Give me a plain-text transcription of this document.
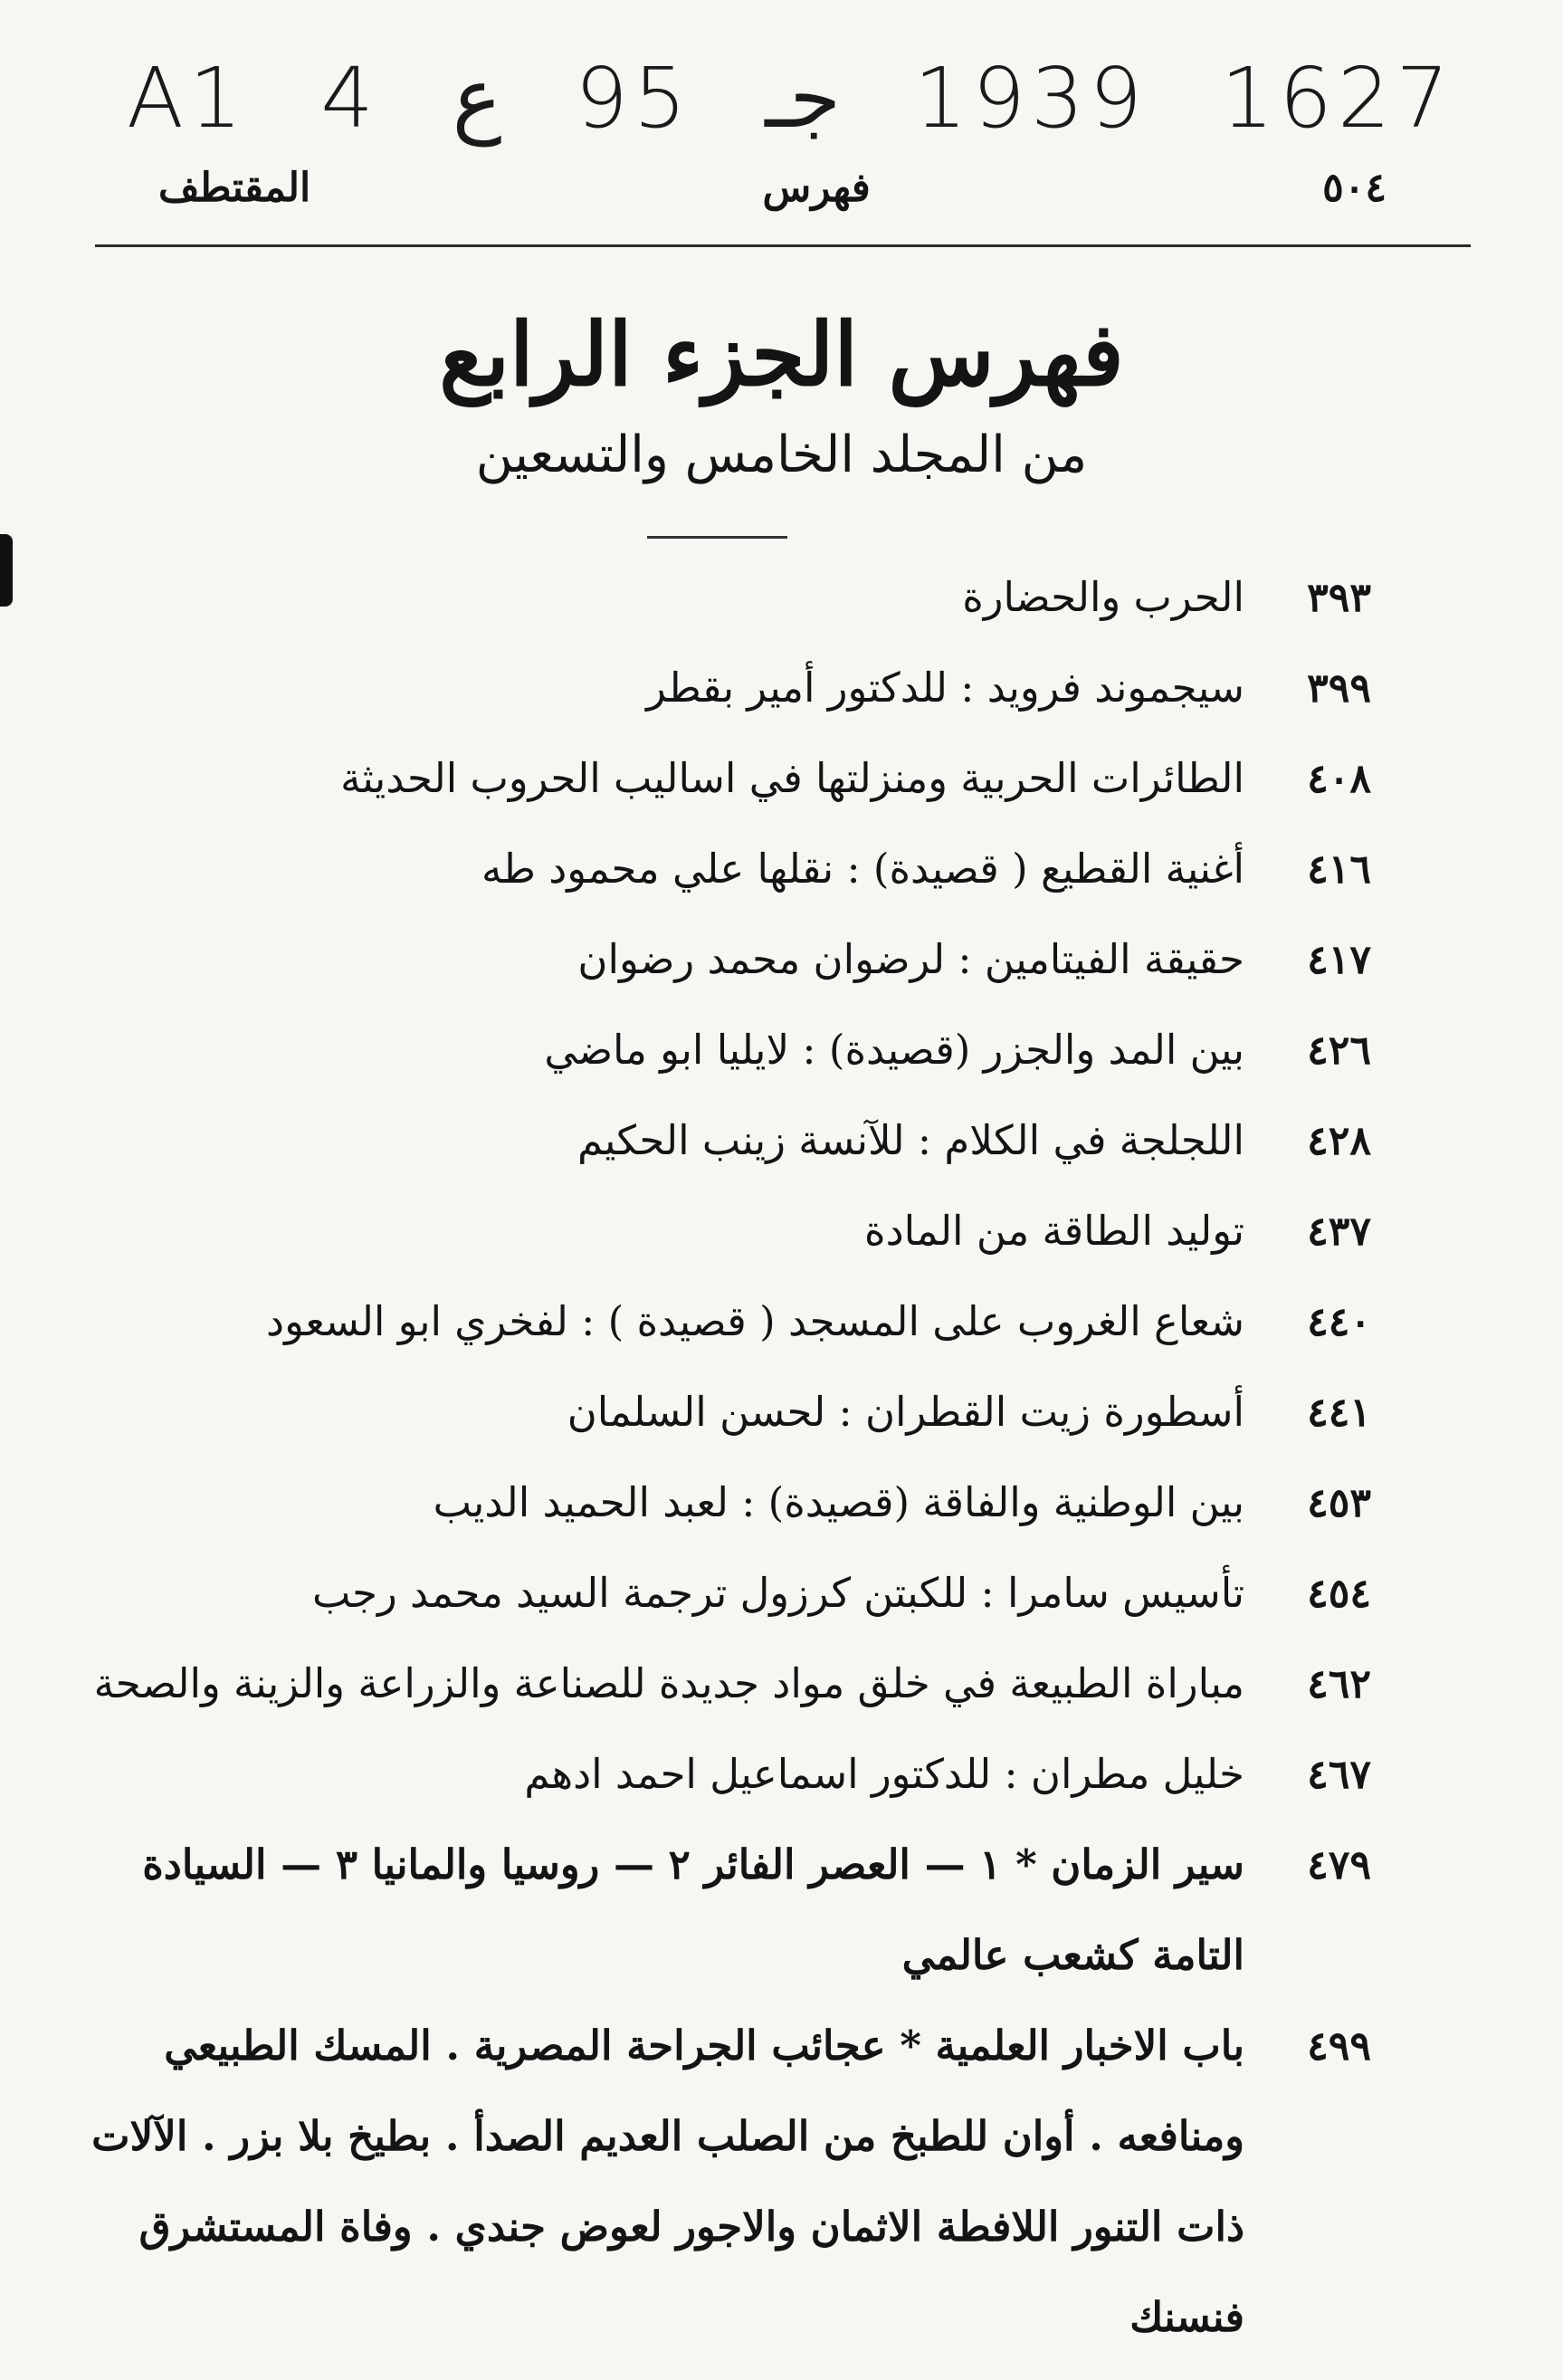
A1 4 ع 95 جـ 1939 1627
المقتطف	فهرس	٥٠٤
فهرس الجزء الرابع
من المجلد الخامس والتسعين
٣٩٣
الحرب والحضارة
٣٩٩
سيجموند فرويد : للدكتور أمير بقطر
٤٠٨
الطائرات الحربية ومنزلتها في اساليب الحروب الحديثة
٤١٦
أغنية القطيع ( قصيدة) : نقلها علي محمود طه
٤١٧
حقيقة الفيتامين : لرضوان محمد رضوان
٤٢٦
بين المد والجزر (قصيدة) : لايليا ابو ماضي
٤٢٨
اللجلجة في الكلام : للآنسة زينب الحكيم
٤٣٧
توليد الطاقة من المادة
٤٤٠
شعاع الغروب على المسجد ( قصيدة ) : لفخري ابو السعود
٤٤١
أسطورة زيت القطران : لحسن السلمان
٤٥٣
بين الوطنية والفاقة (قصيدة) : لعبد الحميد الديب
٤٥٤
تأسيس سامرا : للكبتن كرزول ترجمة السيد محمد رجب
٤٦٢
مباراة الطبيعة في خلق مواد جديدة للصناعة والزراعة والزينة والصحة
٤٦٧
خليل مطران : للدكتور اسماعيل احمد ادهم
٤٧٩
سير الزمان * ١ — العصر الفائر ٢ — روسيا والمانيا ٣ — السيادة التامة كشعب عالمي
٤٩٩
باب الاخبار العلمية * عجائب الجراحة المصرية . المسك الطبيعي ومنافعه . أوان للطبخ من الصلب العديم الصدأ . بطيخ بلا بزر . الآلات ذات التنور اللافطة الاثمان والاجور لعوض جندي . وفاة المستشرق فنسنك
